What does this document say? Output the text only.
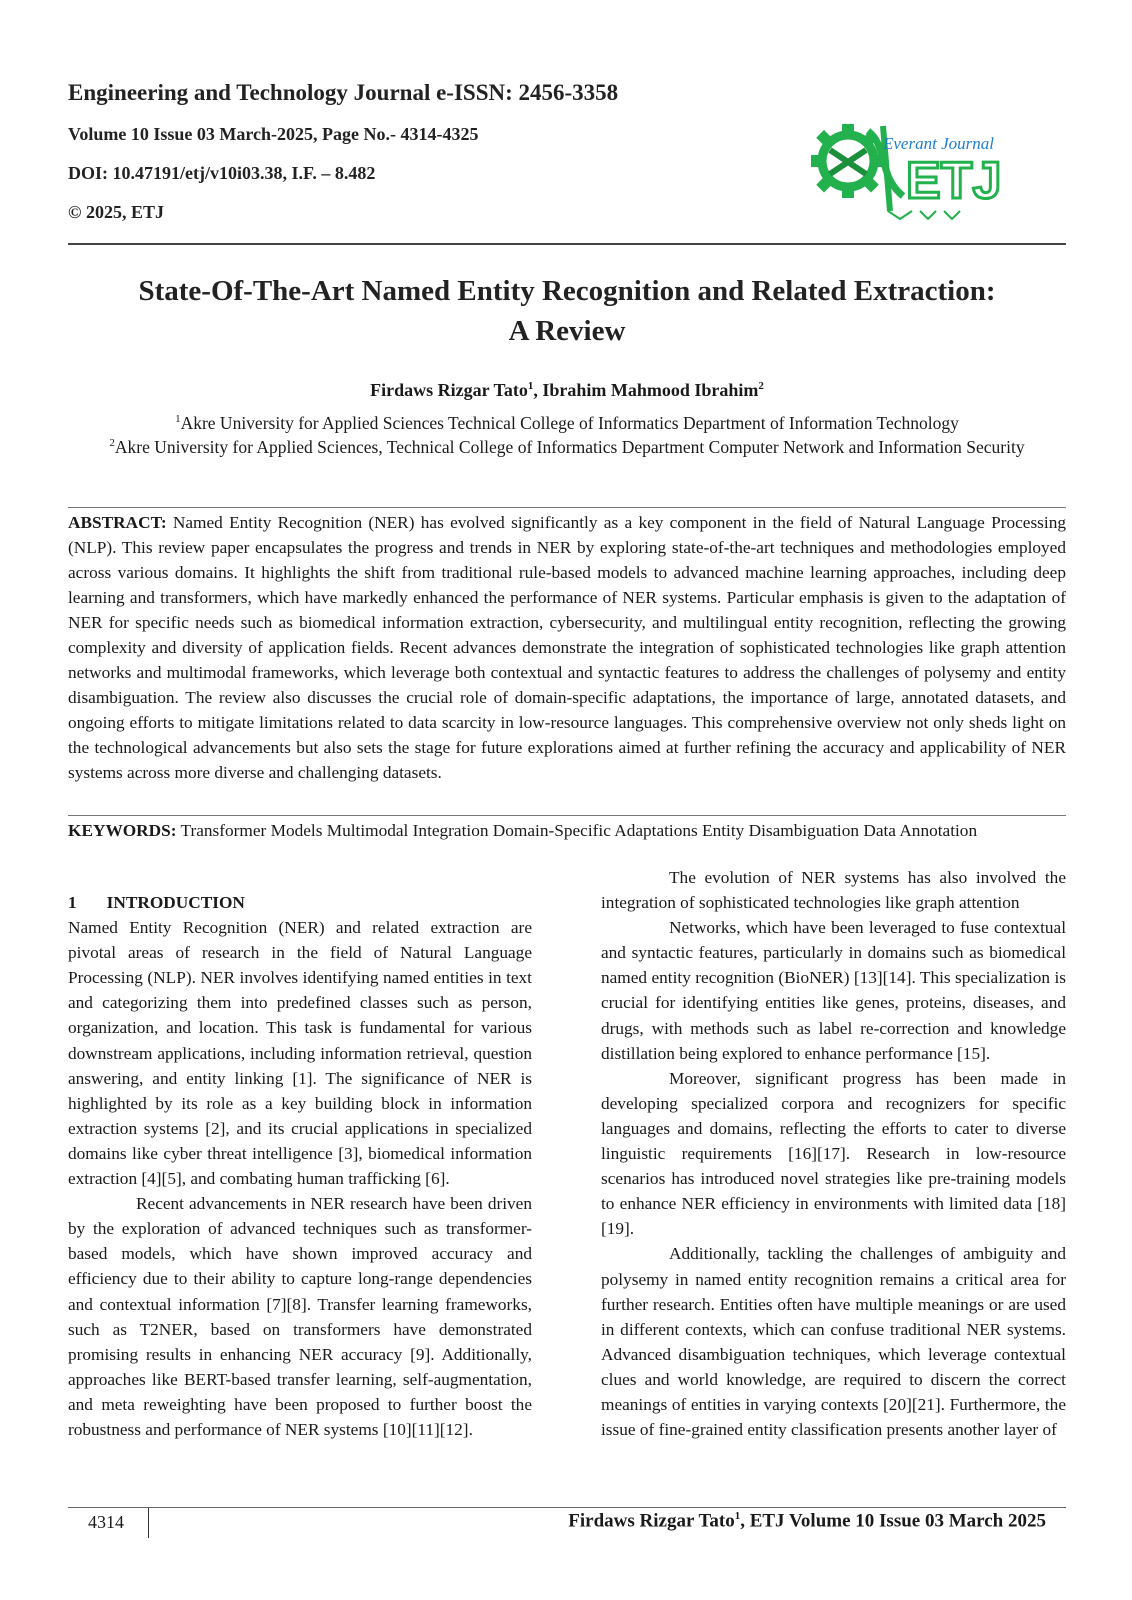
Engineering and Technology Journal e-ISSN: 2456-3358
Volume 10 Issue 03 March-2025, Page No.- 4314-4325
DOI: 10.47191/etj/v10i03.38, I.F. – 8.482
© 2025, ETJ
Everant Journal
ETJ
State-Of-The-Art Named Entity Recognition and Related Extraction:
A Review
Firdaws Rizgar Tato$^1$, Ibrahim Mahmood Ibrahim$^2$
$^1$Akre University for Applied Sciences Technical College of Informatics Department of Information Technology
$^2$Akre University for Applied Sciences, Technical College of Informatics Department Computer Network and Information Security
ABSTRACT: Named Entity Recognition (NER) has evolved significantly as a key component in the field of Natural Language Processing (NLP). This review paper encapsulates the progress and trends in NER by exploring state-of-the-art techniques and methodologies employed across various domains. It highlights the shift from traditional rule-based models to advanced machine learning approaches, including deep learning and transformers, which have markedly enhanced the performance of NER systems. Particular emphasis is given to the adaptation of NER for specific needs such as biomedical information extraction, cybersecurity, and multilingual entity recognition, reflecting the growing complexity and diversity of application fields. Recent advances demonstrate the integration of sophisticated technologies like graph attention networks and multimodal frameworks, which leverage both contextual and syntactic features to address the challenges of polysemy and entity disambiguation. The review also discusses the crucial role of domain-specific adaptations, the importance of large, annotated datasets, and ongoing efforts to mitigate limitations related to data scarcity in low-resource languages. This comprehensive overview not only sheds light on the technological advancements but also sets the stage for future explorations aimed at further refining the accuracy and applicability of NER systems across more diverse and challenging datasets.
KEYWORDS: Transformer Models Multimodal Integration Domain-Specific Adaptations Entity Disambiguation Data Annotation
1 INTRODUCTION

Named Entity Recognition (NER) and related extraction are pivotal areas of research in the field of Natural Language Processing (NLP). NER involves identifying named entities in text and categorizing them into predefined classes such as person, organization, and location. This task is fundamental for various downstream applications, including information retrieval, question answering, and entity linking [1]. The significance of NER is highlighted by its role as a key building block in information extraction systems [2], and its crucial applications in specialized domains like cyber threat intelligence [3], biomedical information extraction [4][5], and combating human trafficking [6].

Recent advancements in NER research have been driven by the exploration of advanced techniques such as transformer-based models, which have shown improved accuracy and efficiency due to their ability to capture long-range dependencies and contextual information [7][8]. Transfer learning frameworks, such as T2NER, based on transformers have demonstrated promising results in enhancing NER accuracy [9]. Additionally, approaches like BERT-based transfer learning, self-augmentation, and meta reweighting have been proposed to further boost the robustness and performance of NER systems [10][11][12].

The evolution of NER systems has also involved the integration of sophisticated technologies like graph attention

Networks, which have been leveraged to fuse contextual and syntactic features, particularly in domains such as biomedical named entity recognition (BioNER) [13][14]. This specialization is crucial for identifying entities like genes, proteins, diseases, and drugs, with methods such as label re-correction and knowledge distillation being explored to enhance performance [15].

Moreover, significant progress has been made in developing specialized corpora and recognizers for specific languages and domains, reflecting the efforts to cater to diverse linguistic requirements [16][17]. Research in low-resource scenarios has introduced novel strategies like pre-training models to enhance NER efficiency in environments with limited data [18][19].

Additionally, tackling the challenges of ambiguity and polysemy in named entity recognition remains a critical area for further research. Entities often have multiple meanings or are used in different contexts, which can confuse traditional NER systems. Advanced disambiguation techniques, which leverage contextual clues and world knowledge, are required to discern the correct meanings of entities in varying contexts [20][21]. Furthermore, the issue of fine-grained entity classification presents another layer of

4314	Firdaws Rizgar Tato$^1$, ETJ Volume 10 Issue 03 March 2025
